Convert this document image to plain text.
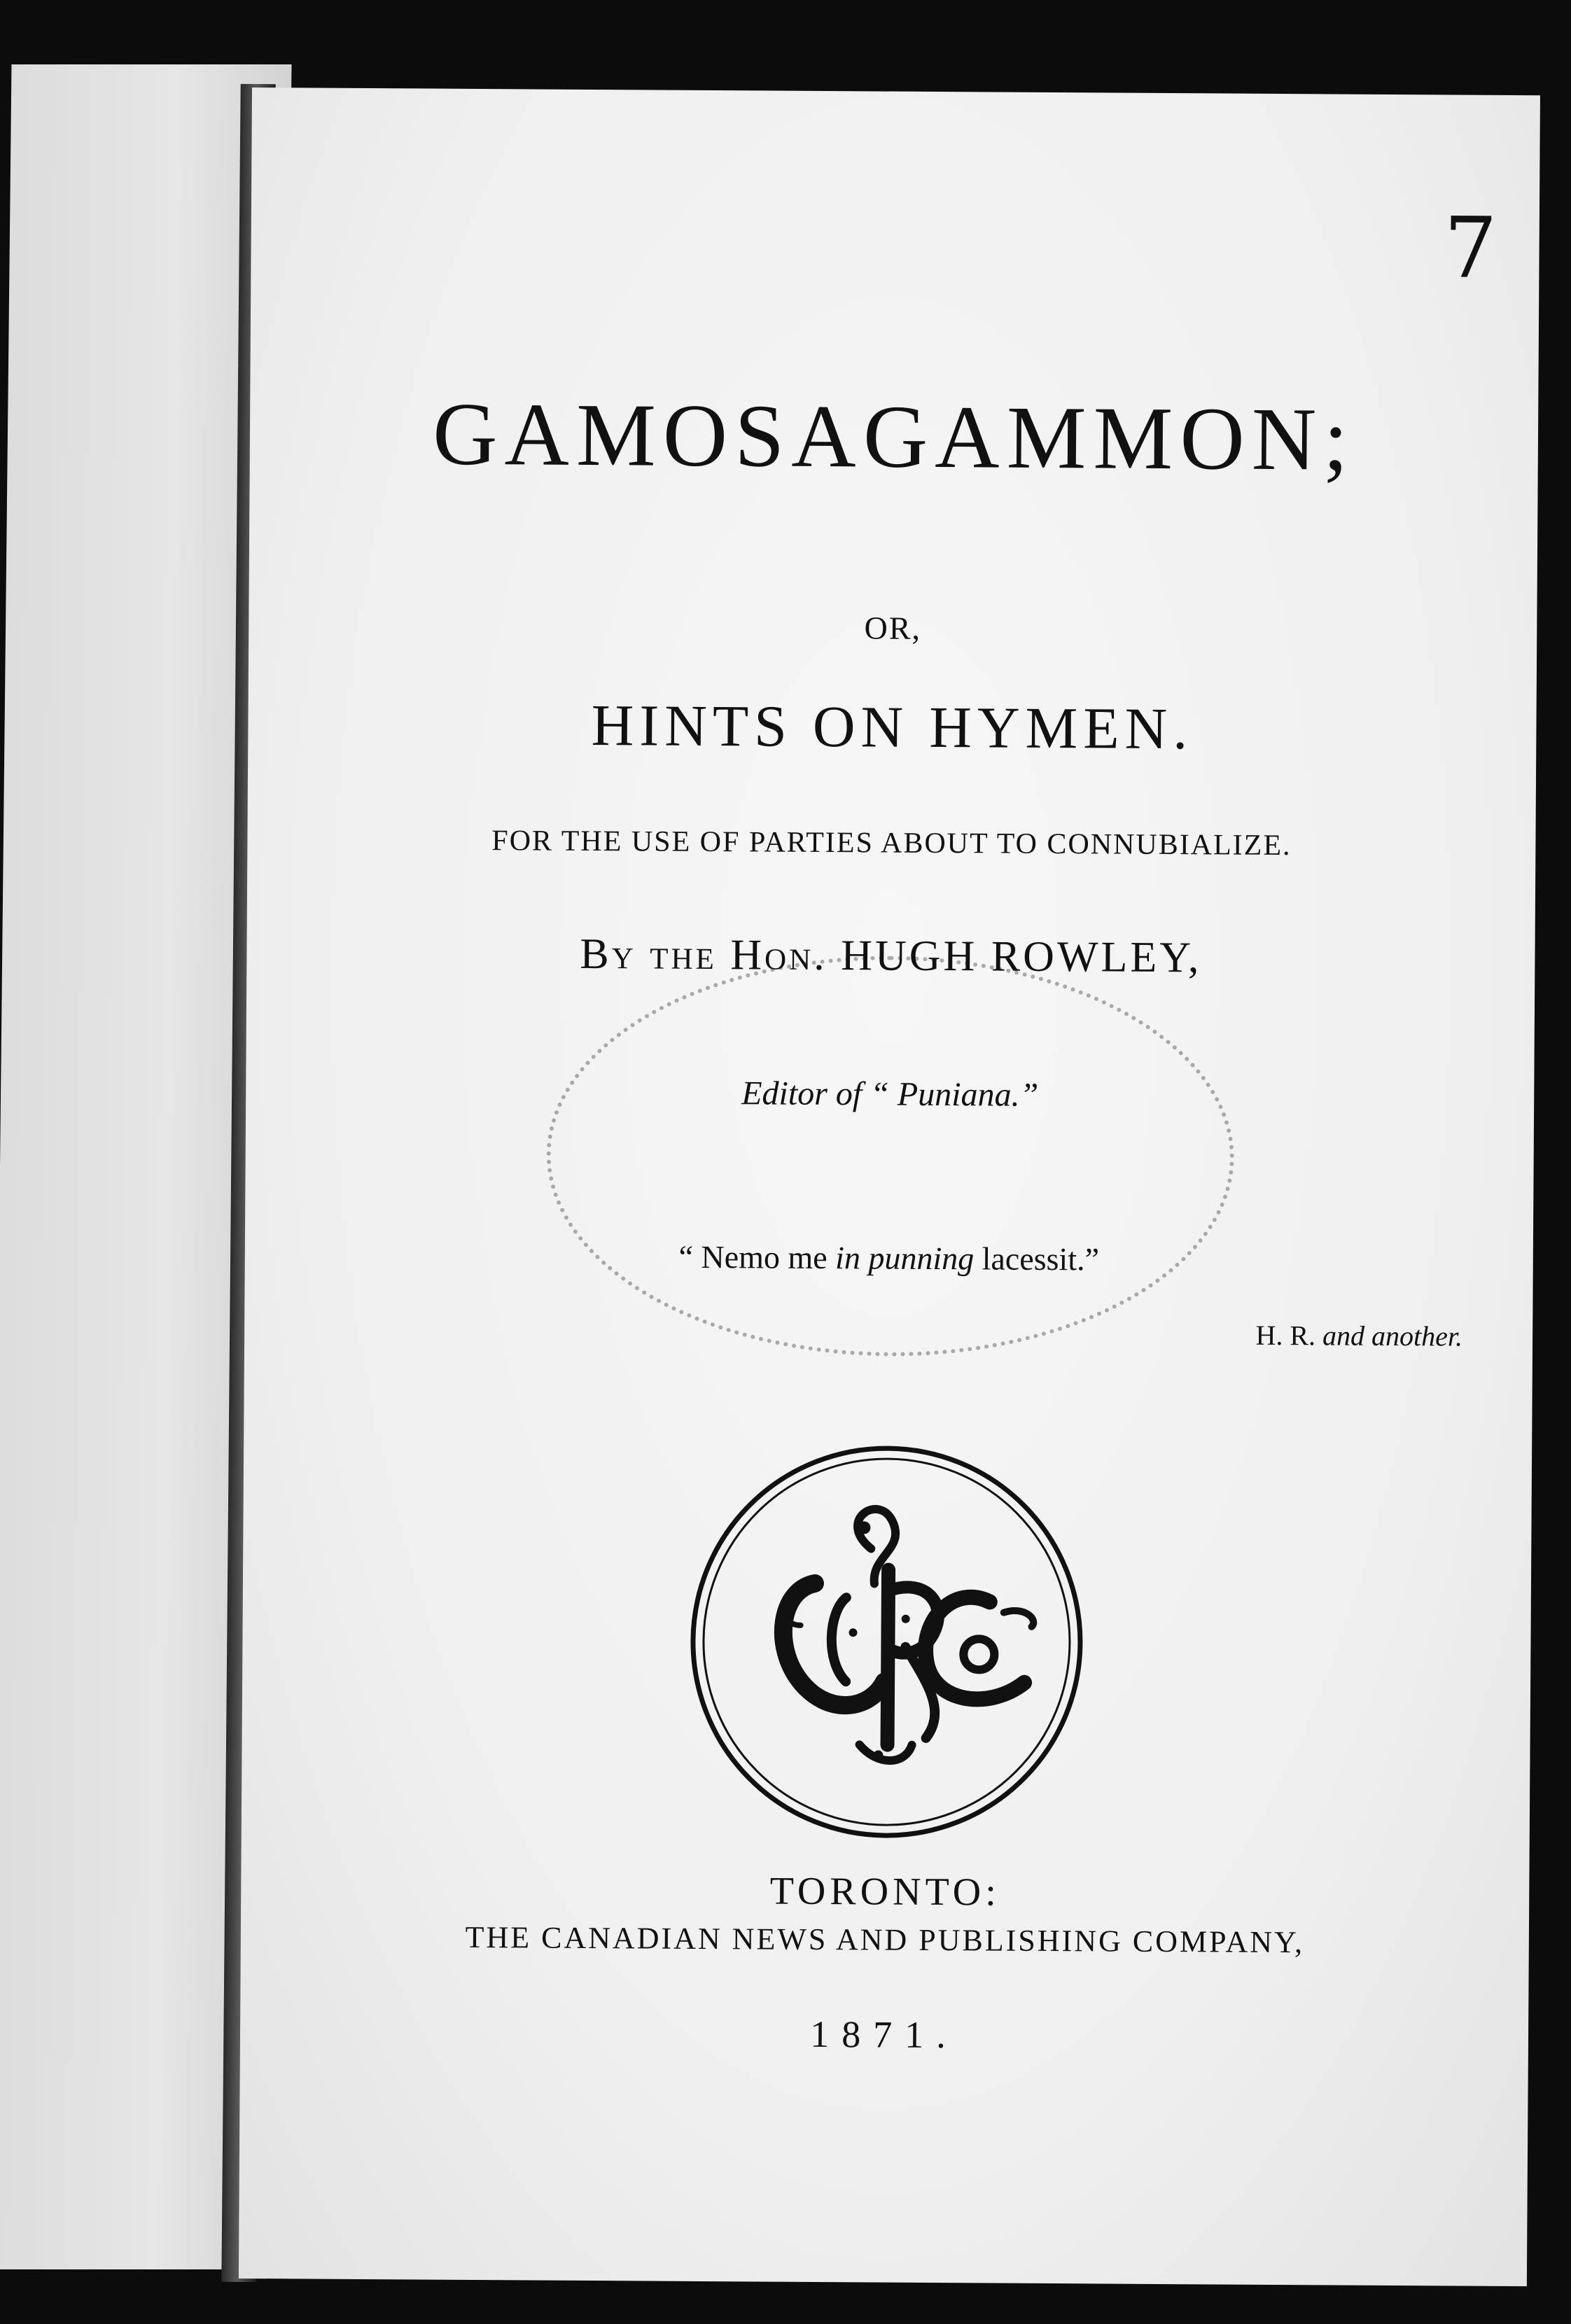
7
GAMOSAGAMMON;
OR,
HINTS ON HYMEN.
FOR THE USE OF PARTIES ABOUT TO CONNUBIALIZE.
By the Hon. HUGH ROWLEY,
Editor of “ Puniana.”
“ Nemo me in punning lacessit.”
H. R. and another.
TORONTO:
THE CANADIAN NEWS AND PUBLISHING COMPANY,
1871.
